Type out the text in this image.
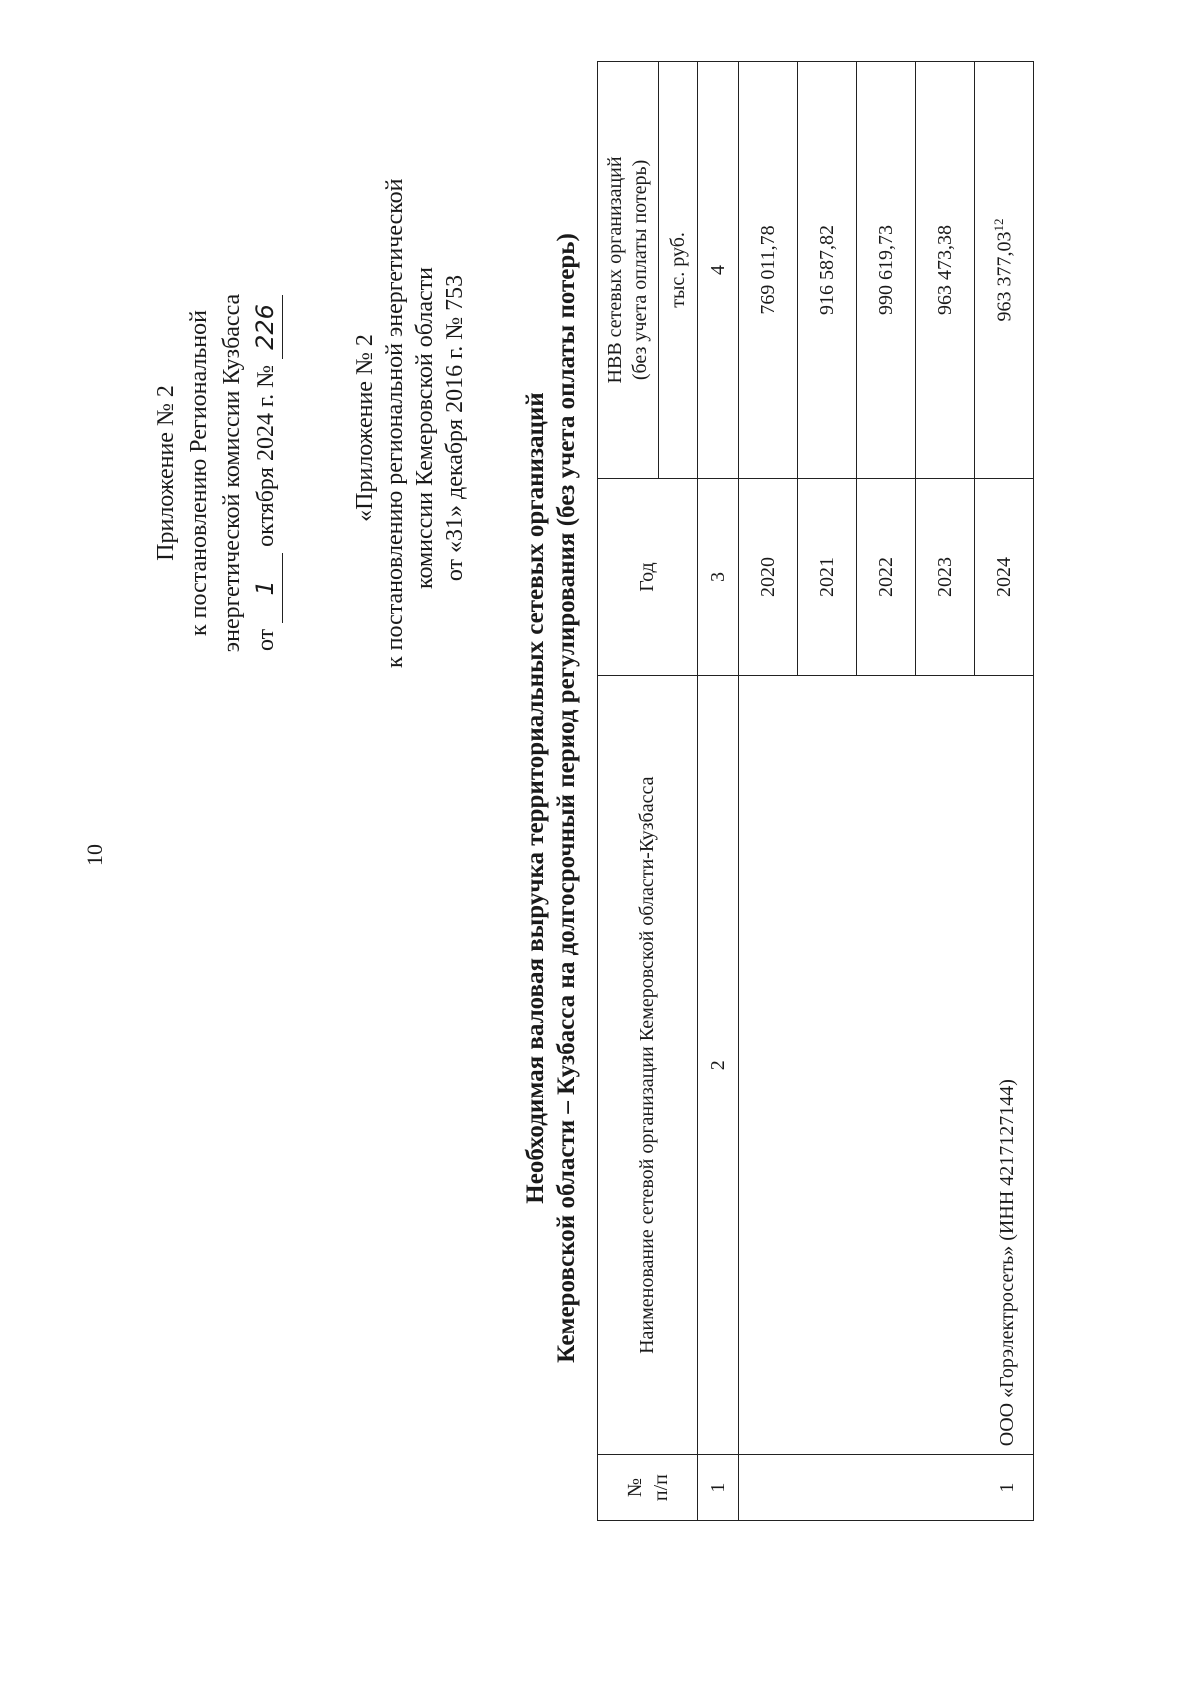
10
Приложение № 2 к постановлению Региональной энергетической комиссии Кузбасса от 1 октября 2024 г. № 226
«Приложение № 2 к постановлению региональной энергетической комиссии Кемеровской области от «31» декабря 2016 г. № 753 Необходимая валовая выручка территориальных сетевых организаций Кемеровской области – Кузбасса на долгосрочный период регулирования (без учета оплаты потерь)
№
п/п	Наименование сетевой организации Кемеровской области-Кузбасса	Год	НВВ сетевых организаций
(без учета оплаты потерь)
			тыс. руб.
1	2	3	4
1	ООО «Горэлектросеть» (ИНН 4217127144)	2020	769 011,78
		2021	916 587,82
		2022	990 619,73
		2023	963 473,38
		2024	963 377,03$^{12}$
